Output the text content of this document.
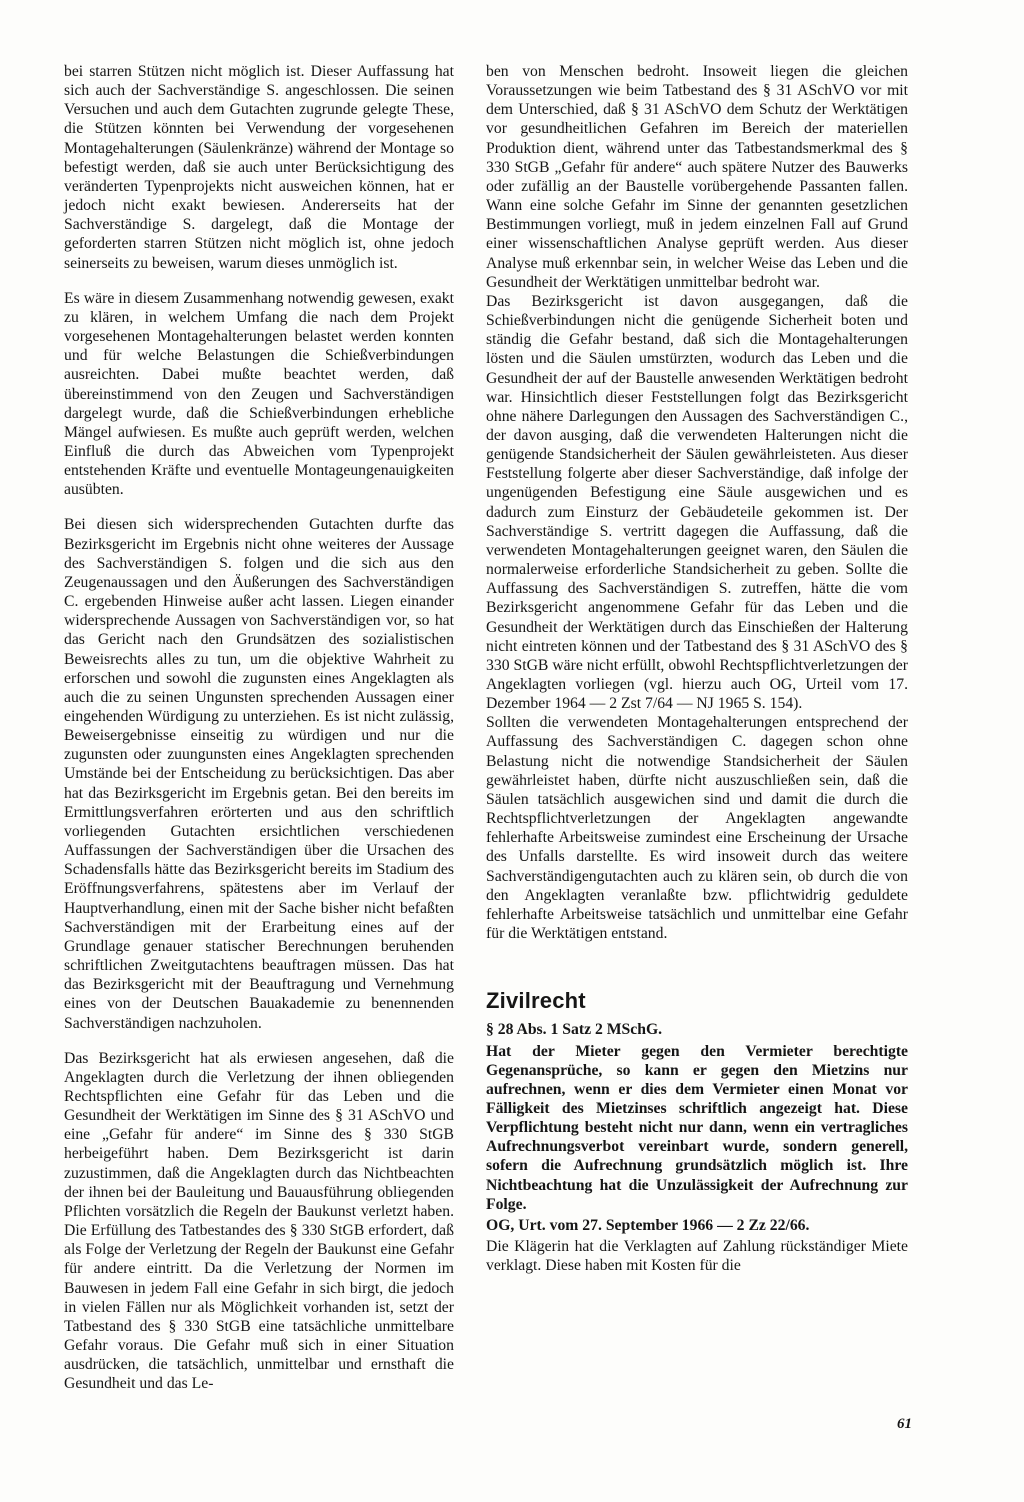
bei starren Stützen nicht möglich ist. Dieser Auffassung hat sich auch der Sachverständige S. angeschlossen. Die seinen Versuchen und auch dem Gutachten zugrunde gelegte These, die Stützen könnten bei Verwendung der vorgesehenen Montagehalterungen (Säulenkränze) während der Montage so befestigt werden, daß sie auch unter Berücksichtigung des veränderten Typenprojekts nicht ausweichen können, hat er jedoch nicht exakt bewiesen. Andererseits hat der Sachverständige S. dargelegt, daß die Montage der geforderten starren Stützen nicht möglich ist, ohne jedoch seinerseits zu beweisen, warum dieses unmöglich ist.

Es wäre in diesem Zusammenhang notwendig gewesen, exakt zu klären, in welchem Umfang die nach dem Projekt vorgesehenen Montagehalterungen belastet werden konnten und für welche Belastungen die Schießverbindungen ausreichten. Dabei mußte beachtet werden, daß übereinstimmend von den Zeugen und Sachverständigen dargelegt wurde, daß die Schießverbindungen erhebliche Mängel aufwiesen. Es mußte auch geprüft werden, welchen Einfluß die durch das Abweichen vom Typenprojekt entstehenden Kräfte und eventuelle Montageungenauigkeiten ausübten.

Bei diesen sich widersprechenden Gutachten durfte das Bezirksgericht im Ergebnis nicht ohne weiteres der Aussage des Sachverständigen S. folgen und die sich aus den Zeugenaussagen und den Äußerungen des Sachverständigen C. ergebenden Hinweise außer acht lassen. Liegen einander widersprechende Aussagen von Sachverständigen vor, so hat das Gericht nach den Grundsätzen des sozialistischen Beweisrechts alles zu tun, um die objektive Wahrheit zu erforschen und sowohl die zugunsten eines Angeklagten als auch die zu seinen Ungunsten sprechenden Aussagen einer eingehenden Würdigung zu unterziehen. Es ist nicht zulässig, Beweisergebnisse einseitig zu würdigen und nur die zugunsten oder zuungunsten eines Angeklagten sprechenden Umstände bei der Entscheidung zu berücksichtigen. Das aber hat das Bezirksgericht im Ergebnis getan. Bei den bereits im Ermittlungsverfahren erörterten und aus den schriftlich vorliegenden Gutachten ersichtlichen verschiedenen Auffassungen der Sachverständigen über die Ursachen des Schadensfalls hätte das Bezirksgericht bereits im Stadium des Eröffnungsverfahrens, spätestens aber im Verlauf der Hauptverhandlung, einen mit der Sache bisher nicht befaßten Sachverständigen mit der Erarbeitung eines auf der Grundlage genauer statischer Berechnungen beruhenden schriftlichen Zweitgutachtens beauftragen müssen. Das hat das Bezirksgericht mit der Beauftragung und Vernehmung eines von der Deutschen Bauakademie zu benennenden Sachverständigen nachzuholen.

Das Bezirksgericht hat als erwiesen angesehen, daß die Angeklagten durch die Verletzung der ihnen obliegenden Rechtspflichten eine Gefahr für das Leben und die Gesundheit der Werktätigen im Sinne des § 31 ASchVO und eine „Gefahr für andere“ im Sinne des § 330 StGB herbeigeführt haben. Dem Bezirksgericht ist darin zuzustimmen, daß die Angeklagten durch das Nichtbeachten der ihnen bei der Bauleitung und Bauausführung obliegenden Pflichten vorsätzlich die Regeln der Baukunst verletzt haben. Die Erfüllung des Tatbestandes des § 330 StGB erfordert, daß als Folge der Verletzung der Regeln der Baukunst eine Gefahr für andere eintritt. Da die Verletzung der Normen im Bauwesen in jedem Fall eine Gefahr in sich birgt, die jedoch in vielen Fällen nur als Möglichkeit vorhanden ist, setzt der Tatbestand des § 330 StGB eine tatsächliche unmittelbare Gefahr voraus. Die Gefahr muß sich in einer Situation ausdrücken, die tatsächlich, unmittelbar und ernsthaft die Gesundheit und das Le-

ben von Menschen bedroht. Insoweit liegen die gleichen Voraussetzungen wie beim Tatbestand des § 31 ASchVO vor mit dem Unterschied, daß § 31 ASchVO dem Schutz der Werktätigen vor gesundheitlichen Gefahren im Bereich der materiellen Produktion dient, während unter das Tatbestandsmerkmal des § 330 StGB „Gefahr für andere“ auch spätere Nutzer des Bauwerks oder zufällig an der Baustelle vorübergehende Passanten fallen. Wann eine solche Gefahr im Sinne der genannten gesetzlichen Bestimmungen vorliegt, muß in jedem einzelnen Fall auf Grund einer wissenschaftlichen Analyse geprüft werden. Aus dieser Analyse muß erkennbar sein, in welcher Weise das Leben und die Gesundheit der Werktätigen unmittelbar bedroht war.

Das Bezirksgericht ist davon ausgegangen, daß die Schießverbindungen nicht die genügende Sicherheit boten und ständig die Gefahr bestand, daß sich die Montagehalterungen lösten und die Säulen umstürzten, wodurch das Leben und die Gesundheit der auf der Baustelle anwesenden Werktätigen bedroht war. Hinsichtlich dieser Feststellungen folgt das Bezirksgericht ohne nähere Darlegungen den Aussagen des Sachverständigen C., der davon ausging, daß die verwendeten Halterungen nicht die genügende Standsicherheit der Säulen gewährleisteten. Aus dieser Feststellung folgerte aber dieser Sachverständige, daß infolge der ungenügenden Befestigung eine Säule ausgewichen und es dadurch zum Einsturz der Gebäudeteile gekommen ist. Der Sachverständige S. vertritt dagegen die Auffassung, daß die verwendeten Montagehalterungen geeignet waren, den Säulen die normalerweise erforderliche Standsicherheit zu geben. Sollte die Auffassung des Sachverständigen S. zutreffen, hätte die vom Bezirksgericht angenommene Gefahr für das Leben und die Gesundheit der Werktätigen durch das Einschießen der Halterung nicht eintreten können und der Tatbestand des § 31 ASchVO des § 330 StGB wäre nicht erfüllt, obwohl Rechtspflichtverletzungen der Angeklagten vorliegen (vgl. hierzu auch OG, Urteil vom 17. Dezember 1964 — 2 Zst 7/64 — NJ 1965 S. 154).

Sollten die verwendeten Montagehalterungen entsprechend der Auffassung des Sachverständigen C. dagegen schon ohne Belastung nicht die notwendige Standsicherheit der Säulen gewährleistet haben, dürfte nicht auszuschließen sein, daß die Säulen tatsächlich ausgewichen sind und damit die durch die Rechtspflichtverletzungen der Angeklagten angewandte fehlerhafte Arbeitsweise zumindest eine Erscheinung der Ursache des Unfalls darstellte. Es wird insoweit durch das weitere Sachverständigengutachten auch zu klären sein, ob durch die von den Angeklagten veranlaßte bzw. pflichtwidrig geduldete fehlerhafte Arbeitsweise tatsächlich und unmittelbar eine Gefahr für die Werktätigen entstand.

Zivilrecht

§ 28 Abs. 1 Satz 2 MSchG.

Hat der Mieter gegen den Vermieter berechtigte Gegenansprüche, so kann er gegen den Mietzins nur aufrechnen, wenn er dies dem Vermieter einen Monat vor Fälligkeit des Mietzinses schriftlich angezeigt hat. Diese Verpflichtung besteht nicht nur dann, wenn ein vertragliches Aufrechnungsverbot vereinbart wurde, sondern generell, sofern die Aufrechnung grundsätzlich möglich ist. Ihre Nichtbeachtung hat die Unzulässigkeit der Aufrechnung zur Folge.

OG, Urt. vom 27. September 1966 — 2 Zz 22/66.

Die Klägerin hat die Verklagten auf Zahlung rückständiger Miete verklagt. Diese haben mit Kosten für die

61
